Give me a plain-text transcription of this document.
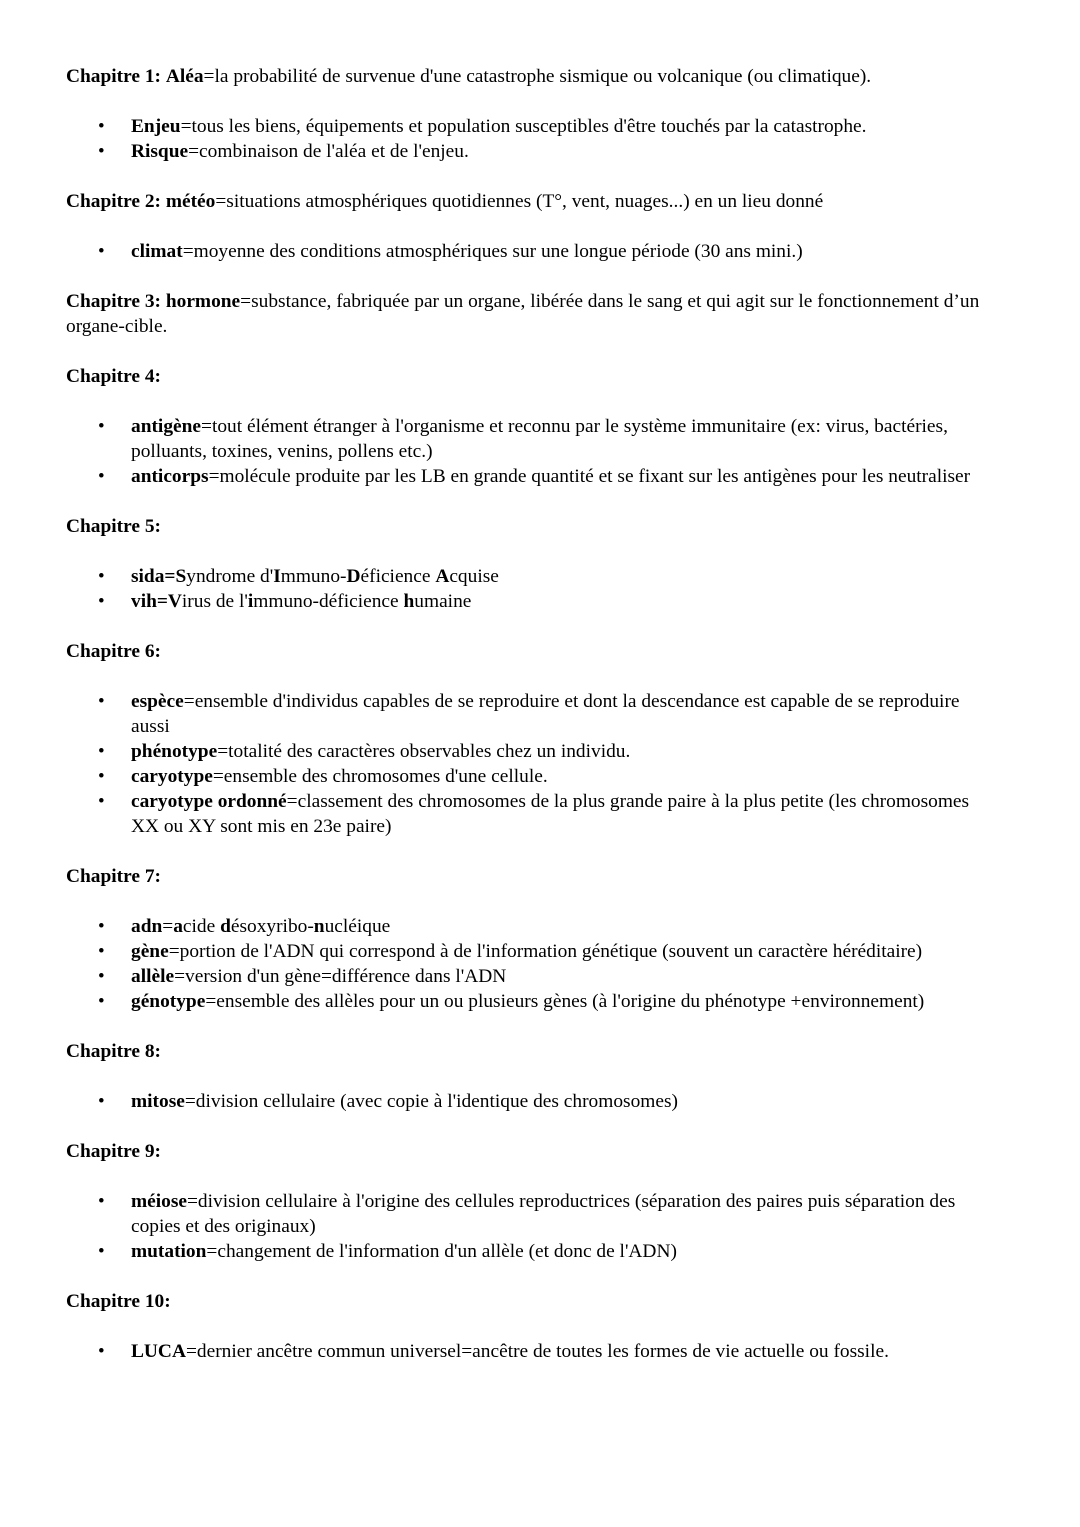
Chapitre 1: Aléa=la probabilité de survenue d'une catastrophe sismique ou volcanique (ou climatique).

• Enjeu=tous les biens, équipements et population susceptibles d'être touchés par la catastrophe.
• Risque=combinaison de l'aléa et de l'enjeu.

Chapitre 2: météo=situations atmosphériques quotidiennes (T°, vent, nuages...) en un lieu donné

• climat=moyenne des conditions atmosphériques sur une longue période (30 ans mini.)

Chapitre 3: hormone=substance, fabriquée par un organe, libérée dans le sang et qui agit sur le fonctionnement d’un organe-cible.

Chapitre 4:

• antigène=tout élément étranger à l'organisme et reconnu par le système immunitaire (ex: virus, bactéries, polluants, toxines, venins, pollens etc.)
• anticorps=molécule produite par les LB en grande quantité et se fixant sur les antigènes pour les neutraliser

Chapitre 5:

• sida=Syndrome d'Immuno-Déficience Acquise
• vih=Virus de l'immuno-déficience humaine

Chapitre 6:

• espèce=ensemble d'individus capables de se reproduire et dont la descendance est capable de se reproduire aussi
• phénotype=totalité des caractères observables chez un individu.
• caryotype=ensemble des chromosomes d'une cellule.
• caryotype ordonné=classement des chromosomes de la plus grande paire à la plus petite (les chromosomes XX ou XY sont mis en 23e paire)

Chapitre 7:

• adn=acide désoxyribo-nucléique
• gène=portion de l'ADN qui correspond à de l'information génétique (souvent un caractère héréditaire)
• allèle=version d'un gène=différence dans l'ADN
• génotype=ensemble des allèles pour un ou plusieurs gènes (à l'origine du phénotype +environnement)

Chapitre 8:

• mitose=division cellulaire (avec copie à l'identique des chromosomes)

Chapitre 9:

• méiose=division cellulaire à l'origine des cellules reproductrices (séparation des paires puis séparation des copies et des originaux)
• mutation=changement de l'information d'un allèle (et donc de l'ADN)

Chapitre 10:

• LUCA=dernier ancêtre commun universel=ancêtre de toutes les formes de vie actuelle ou fossile.
